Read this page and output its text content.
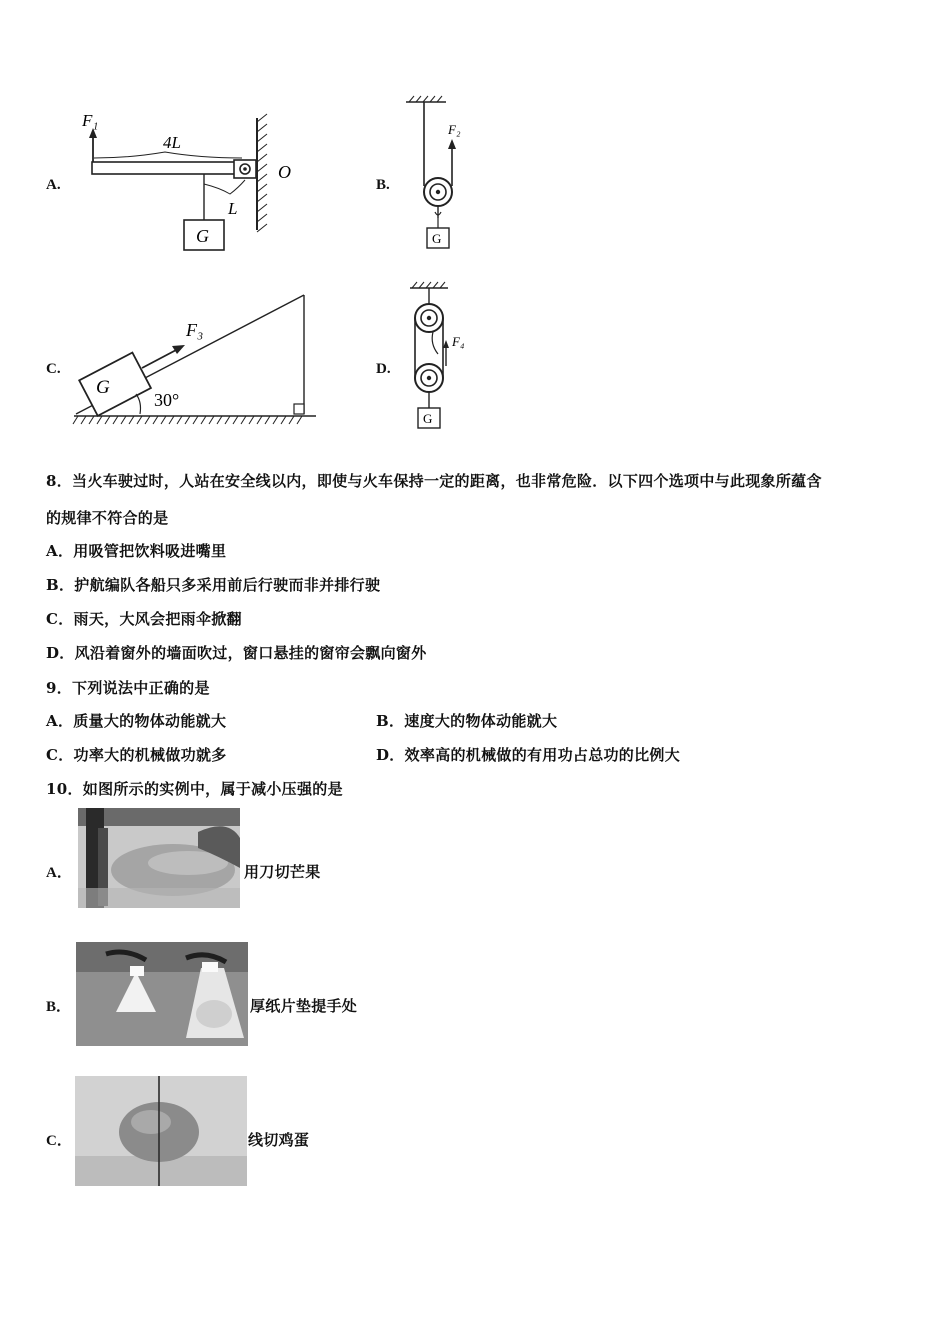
A.
F₁
4L
L
O
G
B.
F₂
G
C.
G
F₃
30°
D.
F₄
G
8．当火车驶过时，人站在安全线以内，即使与火车保持一定的距离，也非常危险．以下四个选项中与此现象所蕴含
的规律不符合的是
A．用吸管把饮料吸进嘴里
B．护航编队各船只多采用前后行驶而非并排行驶
C．雨天，大风会把雨伞掀翻
D．风沿着窗外的墙面吹过，窗口悬挂的窗帘会飘向窗外
9．下列说法中正确的是
A．质量大的物体动能就大	B．速度大的物体动能就大
C．功率大的机械做功就多	D．效率高的机械做的有用功占总功的比例大
10．如图所示的实例中，属于减小压强的是
A．	用刀切芒果
B．	厚纸片垫提手处
C．	线切鸡蛋
